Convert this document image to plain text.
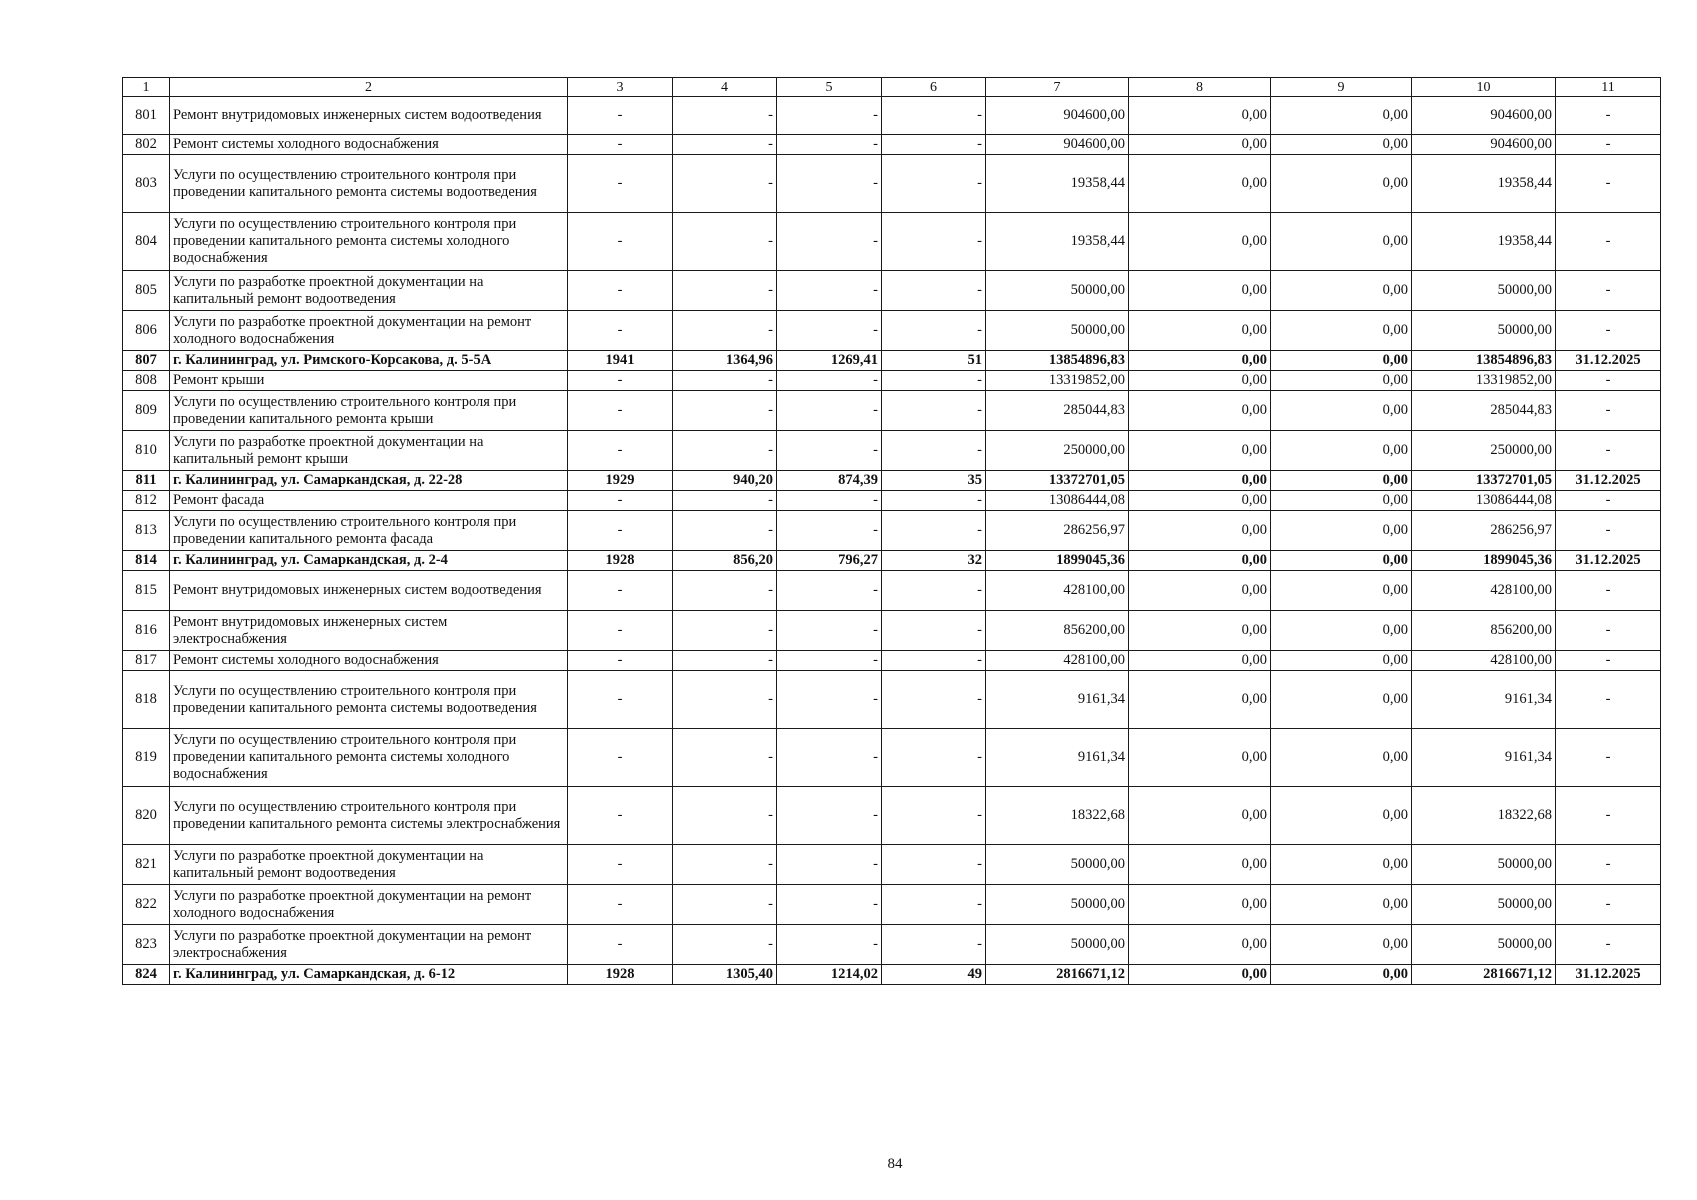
1	2	3	4	5	6	7	8	9	10	11
801	Ремонт внутридомовых инженерных систем водоотведения	-	-	-	-	904600,00	0,00	0,00	904600,00	-
802	Ремонт системы холодного водоснабжения	-	-	-	-	904600,00	0,00	0,00	904600,00	-
803	Услуги по осуществлению строительного контроля при проведении капитального ремонта системы водоотведения	-	-	-	-	19358,44	0,00	0,00	19358,44	-
804	Услуги по осуществлению строительного контроля при проведении капитального ремонта системы холодного водоснабжения	-	-	-	-	19358,44	0,00	0,00	19358,44	-
805	Услуги по разработке проектной документации на капитальный ремонт водоотведения	-	-	-	-	50000,00	0,00	0,00	50000,00	-
806	Услуги по разработке проектной документации на ремонт холодного водоснабжения	-	-	-	-	50000,00	0,00	0,00	50000,00	-
807	г. Калининград, ул. Римского-Корсакова, д. 5-5А	1941	1364,96	1269,41	51	13854896,83	0,00	0,00	13854896,83	31.12.2025
808	Ремонт крыши	-	-	-	-	13319852,00	0,00	0,00	13319852,00	-
809	Услуги по осуществлению строительного контроля при проведении капитального ремонта крыши	-	-	-	-	285044,83	0,00	0,00	285044,83	-
810	Услуги по разработке проектной документации на капитальный ремонт крыши	-	-	-	-	250000,00	0,00	0,00	250000,00	-
811	г. Калининград, ул. Самаркандская, д. 22-28	1929	940,20	874,39	35	13372701,05	0,00	0,00	13372701,05	31.12.2025
812	Ремонт фасада	-	-	-	-	13086444,08	0,00	0,00	13086444,08	-
813	Услуги по осуществлению строительного контроля при проведении капитального ремонта фасада	-	-	-	-	286256,97	0,00	0,00	286256,97	-
814	г. Калининград, ул. Самаркандская, д. 2-4	1928	856,20	796,27	32	1899045,36	0,00	0,00	1899045,36	31.12.2025
815	Ремонт внутридомовых инженерных систем водоотведения	-	-	-	-	428100,00	0,00	0,00	428100,00	-
816	Ремонт внутридомовых инженерных систем электроснабжения	-	-	-	-	856200,00	0,00	0,00	856200,00	-
817	Ремонт системы холодного водоснабжения	-	-	-	-	428100,00	0,00	0,00	428100,00	-
818	Услуги по осуществлению строительного контроля при проведении капитального ремонта системы водоотведения	-	-	-	-	9161,34	0,00	0,00	9161,34	-
819	Услуги по осуществлению строительного контроля при проведении капитального ремонта системы холодного водоснабжения	-	-	-	-	9161,34	0,00	0,00	9161,34	-
820	Услуги по осуществлению строительного контроля при проведении капитального ремонта системы электроснабжения	-	-	-	-	18322,68	0,00	0,00	18322,68	-
821	Услуги по разработке проектной документации на капитальный ремонт водоотведения	-	-	-	-	50000,00	0,00	0,00	50000,00	-
822	Услуги по разработке проектной документации на ремонт холодного водоснабжения	-	-	-	-	50000,00	0,00	0,00	50000,00	-
823	Услуги по разработке проектной документации на ремонт электроснабжения	-	-	-	-	50000,00	0,00	0,00	50000,00	-
824	г. Калининград, ул. Самаркандская, д. 6-12	1928	1305,40	1214,02	49	2816671,12	0,00	0,00	2816671,12	31.12.2025
84
